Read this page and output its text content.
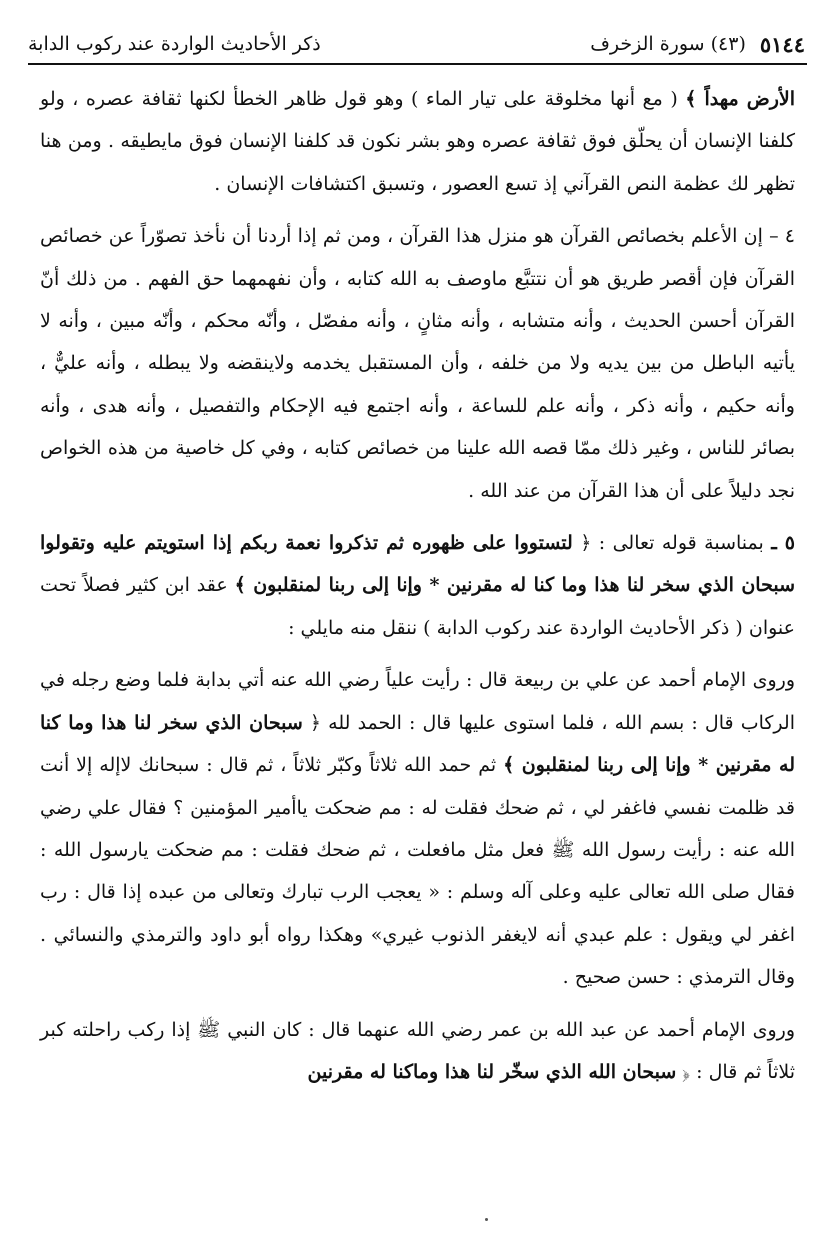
٥١٤٤
(٤٣) سورة الزخرف
ذكر الأحاديث الواردة عند ركوب الدابة

الأرض مهداً ﴾ ( مع أنها مخلوقة على تيار الماء ) وهو قول ظاهر الخطأ لكنها ثقافة عصره ، ولو كلفنا الإنسان أن يحلّق فوق ثقافة عصره وهو بشر نكون قد كلفنا الإنسان فوق مايطيقه . ومن هنا تظهر لك عظمة النص القرآني إذ تسع العصور ، وتسبق اكتشافات الإنسان .

٤ – إن الأعلم بخصائص القرآن هو منزل هذا القرآن ، ومن ثم إذا أردنا أن نأخذ تصوّراً عن خصائص القرآن فإن أقصر طريق هو أن نتتبَّع ماوصف به الله كتابه ، وأن نفهمهما حق الفهم . من ذلك أنّ القرآن أحسن الحديث ، وأنه متشابه ، وأنه مثانٍ ، وأنه مفصّل ، وأنّه محكم ، وأنّه مبين ، وأنه لا يأتيه الباطل من بين يديه ولا من خلفه ، وأن المستقبل يخدمه ولاينقضه ولا يبطله ، وأنه عليٌّ ، وأنه حكيم ، وأنه ذكر ، وأنه علم للساعة ، وأنه اجتمع فيه الإحكام والتفصيل ، وأنه هدى ، وأنه بصائر للناس ، وغير ذلك ممّا قصه الله علينا من خصائص كتابه ، وفي كل خاصية من هذه الخواص نجد دليلاً على أن هذا القرآن من عند الله .

٥ ـ بمناسبة قوله تعالى : ﴿ لتستووا على ظهوره ثم تذكروا نعمة ربكم إذا استويتم عليه وتقولوا سبحان الذي سخر لنا هذا وما كنا له مقرنين * وإنا إلى ربنا لمنقلبون ﴾ عقد ابن كثير فصلاً تحت عنوان ( ذكر الأحاديث الواردة عند ركوب الدابة ) ننقل منه مايلي :

وروى الإمام أحمد عن علي بن ربيعة قال : رأيت علياً رضي الله عنه أتي بدابة فلما وضع رجله في الركاب قال : بسم الله ، فلما استوى عليها قال : الحمد لله ﴿ سبحان الذي سخر لنا هذا وما كنا له مقرنين * وإنا إلى ربنا لمنقلبون ﴾ ثم حمد الله ثلاثاً وكبّر ثلاثاً ، ثم قال : سبحانك لاإله إلا أنت قد ظلمت نفسي فاغفر لي ، ثم ضحك فقلت له : مم ضحكت ياأمير المؤمنين ؟ فقال علي رضي الله عنه : رأيت رسول الله ﷺ فعل مثل مافعلت ، ثم ضحك فقلت : مم ضحكت يارسول الله : فقال صلى الله تعالى عليه وعلى آله وسلم : « يعجب الرب تبارك وتعالى من عبده إذا قال : رب اغفر لي ويقول : علم عبدي أنه لايغفر الذنوب غيري» وهكذا رواه أبو داود والترمذي والنسائي . وقال الترمذي : حسن صحيح .

وروى الإمام أحمد عن عبد الله بن عمر رضي الله عنهما قال : كان النبي ﷺ إذا ركب راحلته كبر ثلاثاً ثم قال : ﴿ سبحان الله الذي سخّر لنا هذا وماكنا له مقرنين
